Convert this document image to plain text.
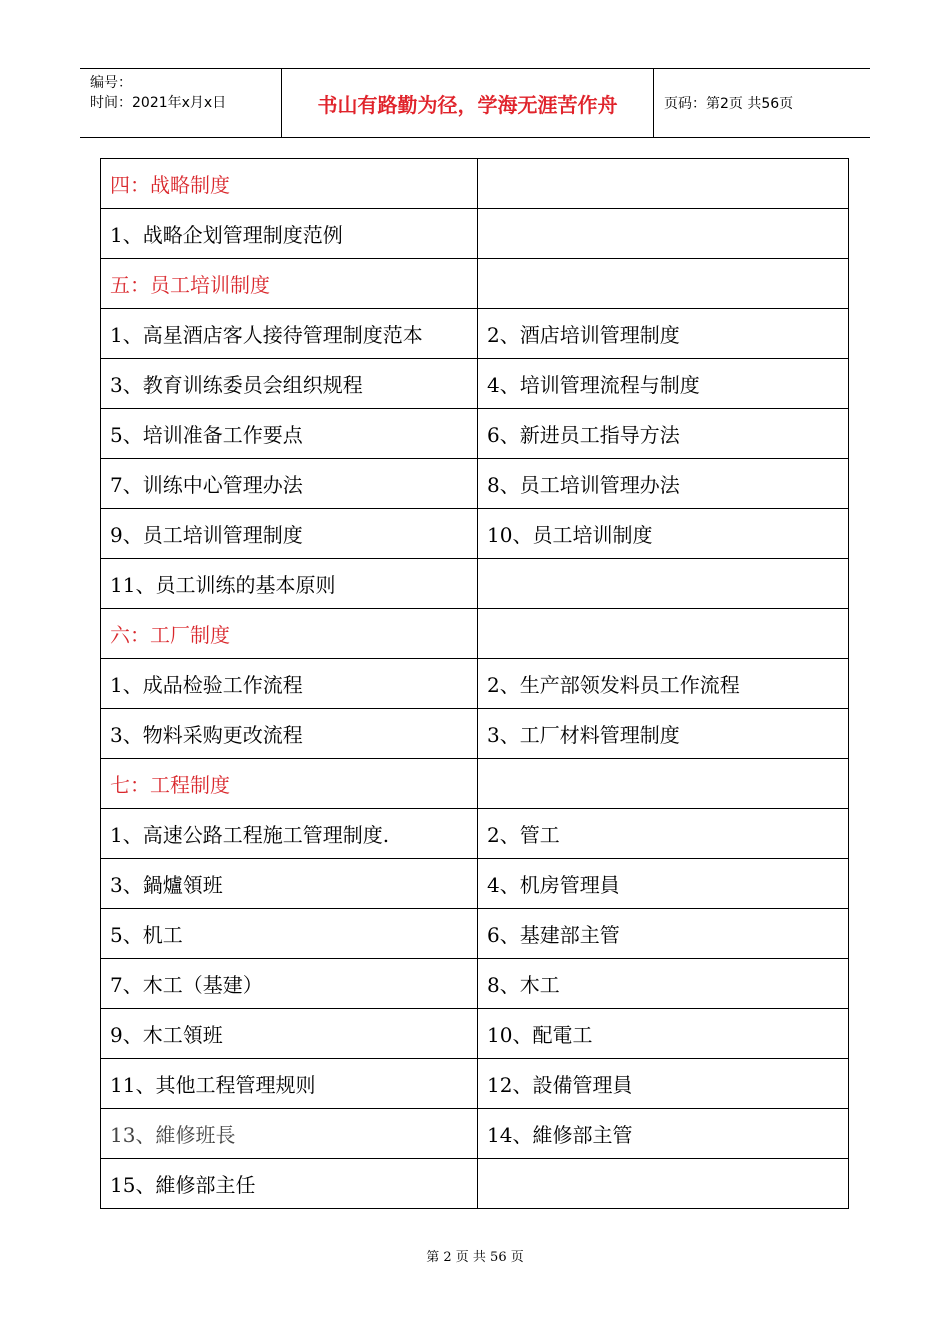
编号：
时间：2021年x月x日	书山有路勤为径，学海无涯苦作舟	页码：第2页 共56页
四：战略制度	
1、战略企划管理制度范例	
五：员工培训制度	
1、高星酒店客人接待管理制度范本	2、酒店培训管理制度
3、教育训练委员会组织规程	4、培训管理流程与制度
5、培训准备工作要点	6、新进员工指导方法
7、训练中心管理办法	8、员工培训管理办法
9、员工培训管理制度	10、员工培训制度
11、员工训练的基本原则	
六：工厂制度	
1、成品检验工作流程	2、生产部领发料员工作流程
3、物料采购更改流程	3、工厂材料管理制度
七：工程制度	
1、高速公路工程施工管理制度.	2、管工
3、鍋爐領班	4、机房管理員
5、机工	6、基建部主管
7、木工（基建）	8、木工
9、木工領班	10、配電工
11、其他工程管理规则	12、設備管理員
13、維修班長	14、維修部主管
15、維修部主任	
第 2 页 共 56 页
